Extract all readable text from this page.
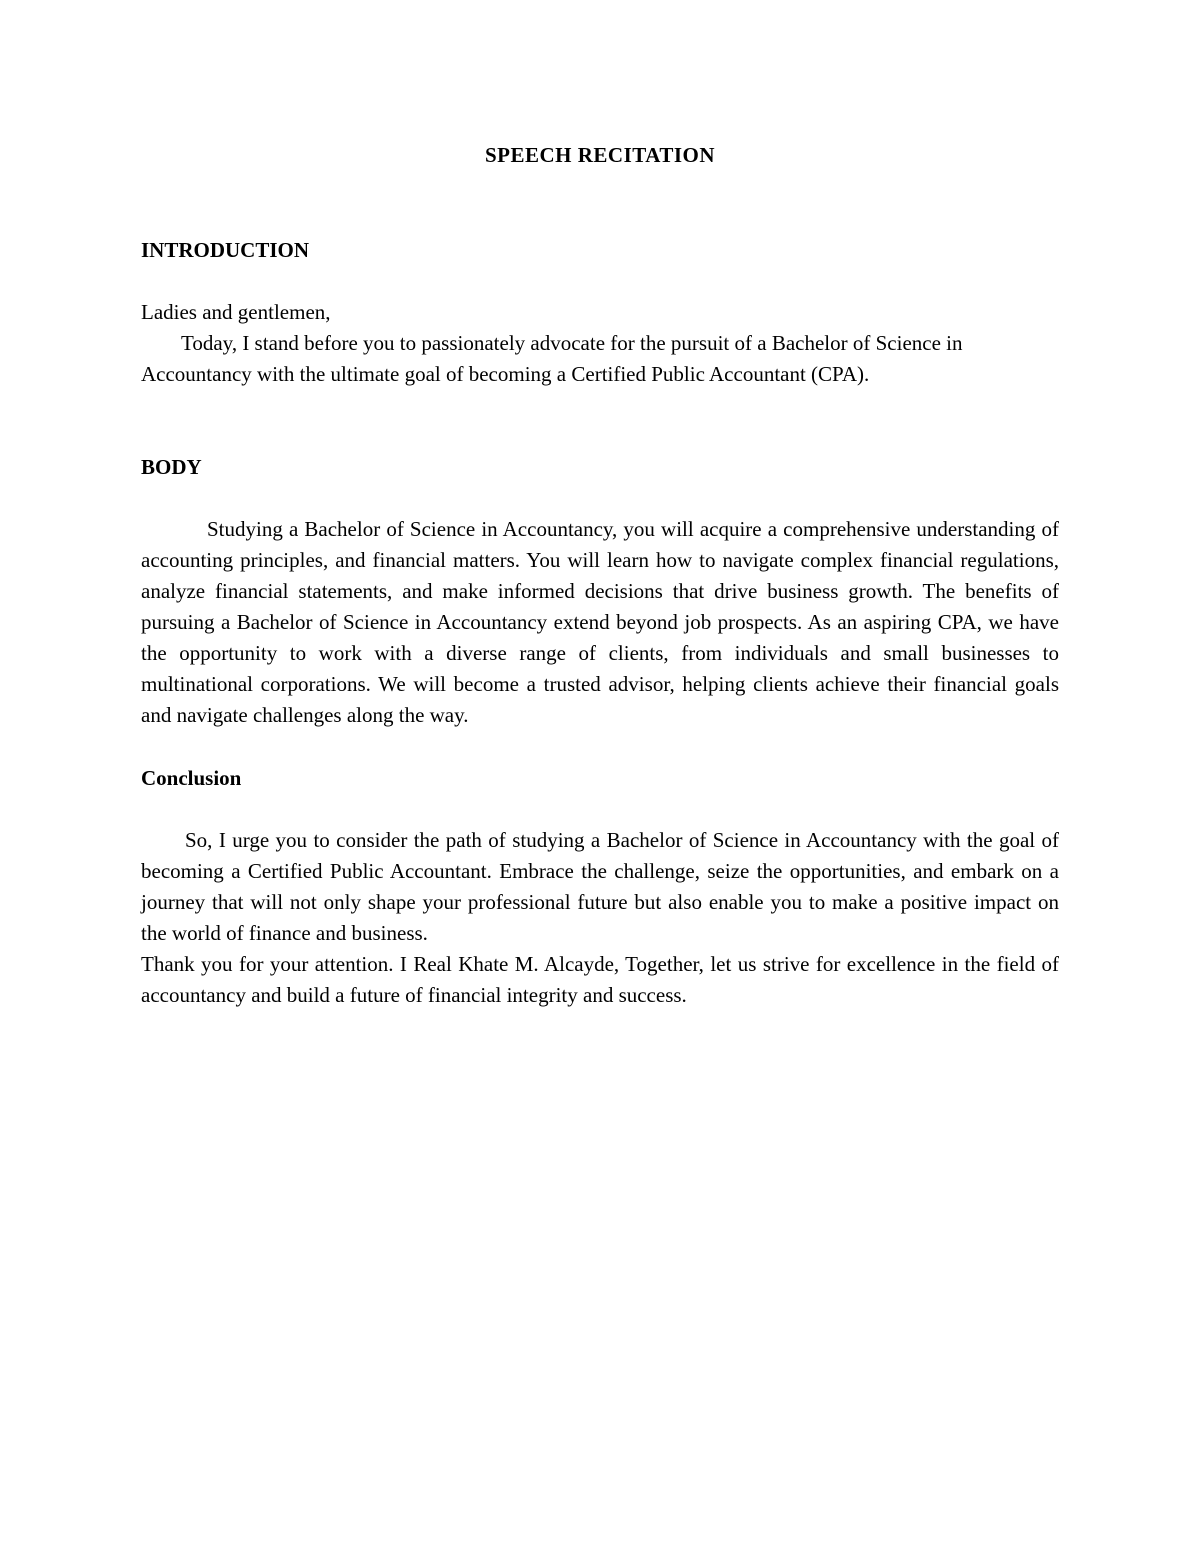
SPEECH RECITATION
INTRODUCTION

Ladies and gentlemen,

Today, I stand before you to passionately advocate for the pursuit of a Bachelor of Science in Accountancy with the ultimate goal of becoming a Certified Public Accountant (CPA).

BODY

Studying a Bachelor of Science in Accountancy, you will acquire a comprehensive understanding of accounting principles, and financial matters. You will learn how to navigate complex financial regulations, analyze financial statements, and make informed decisions that drive business growth. The benefits of pursuing a Bachelor of Science in Accountancy extend beyond job prospects. As an aspiring CPA, we have the opportunity to work with a diverse range of clients, from individuals and small businesses to multinational corporations. We will become a trusted advisor, helping clients achieve their financial goals and navigate challenges along the way.

Conclusion

So, I urge you to consider the path of studying a Bachelor of Science in Accountancy with the goal of becoming a Certified Public Accountant. Embrace the challenge, seize the opportunities, and embark on a journey that will not only shape your professional future but also enable you to make a positive impact on the world of finance and business.

Thank you for your attention. I Real Khate M. Alcayde, Together, let us strive for excellence in the field of accountancy and build a future of financial integrity and success.
